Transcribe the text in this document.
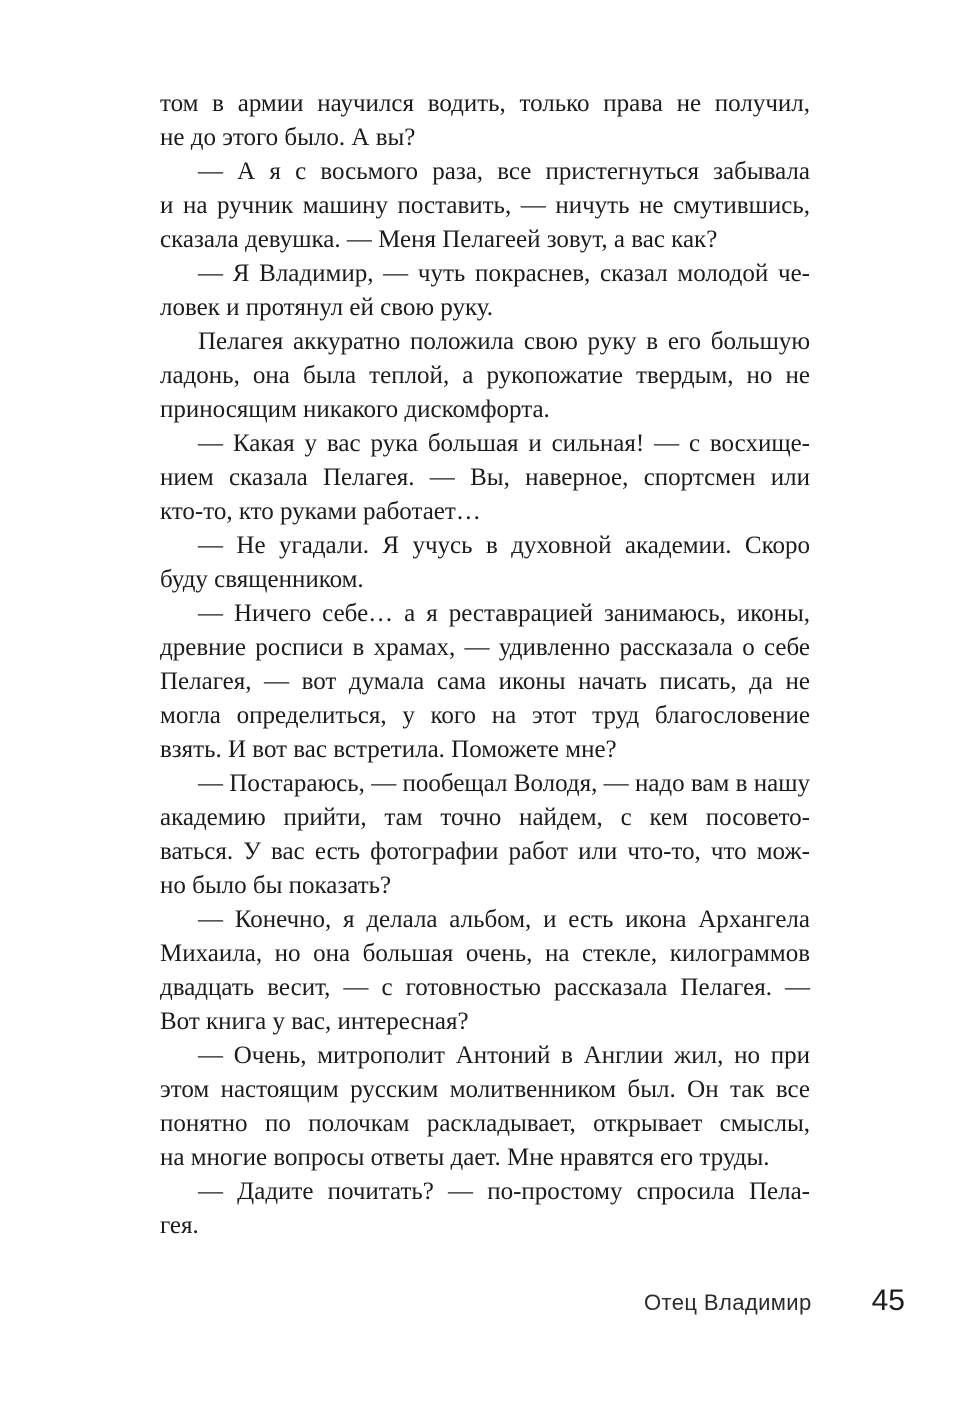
том в армии научился водить, только права не получил,
не до этого было. А вы?
— А я с восьмого раза, все пристегнуться забывала
и на ручник машину поставить, — ничуть не смутившись,
сказала девушка. — Меня Пелагеей зовут, а вас как?
— Я Владимир, — чуть покраснев, сказал молодой че-
ловек и протянул ей свою руку.
Пелагея аккуратно положила свою руку в его большую
ладонь, она была теплой, а рукопожатие твердым, но не
приносящим никакого дискомфорта.
— Какая у вас рука большая и сильная! — с восхище-
нием сказала Пелагея. — Вы, наверное, спортсмен или
кто-то, кто руками работает…
— Не угадали. Я учусь в духовной академии. Скоро
буду священником.
— Ничего себе… а я реставрацией занимаюсь, иконы,
древние росписи в храмах, — удивленно рассказала о себе
Пелагея, — вот думала сама иконы начать писать, да не
могла определиться, у кого на этот труд благословение
взять. И вот вас встретила. Поможете мне?
— Постараюсь, — пообещал Володя, — надо вам в нашу
академию прийти, там точно найдем, с кем посовето-
ваться. У вас есть фотографии работ или что-то, что мож-
но было бы показать?
— Конечно, я делала альбом, и есть икона Архангела
Михаила, но она большая очень, на стекле, килограммов
двадцать весит, — с готовностью рассказала Пелагея. —
Вот книга у вас, интересная?
— Очень, митрополит Антоний в Англии жил, но при
этом настоящим русским молитвенником был. Он так все
понятно по полочкам раскладывает, открывает смыслы,
на многие вопросы ответы дает. Мне нравятся его труды.
— Дадите почитать? — по-простому спросила Пела-
гея.
Отец Владимир 45
